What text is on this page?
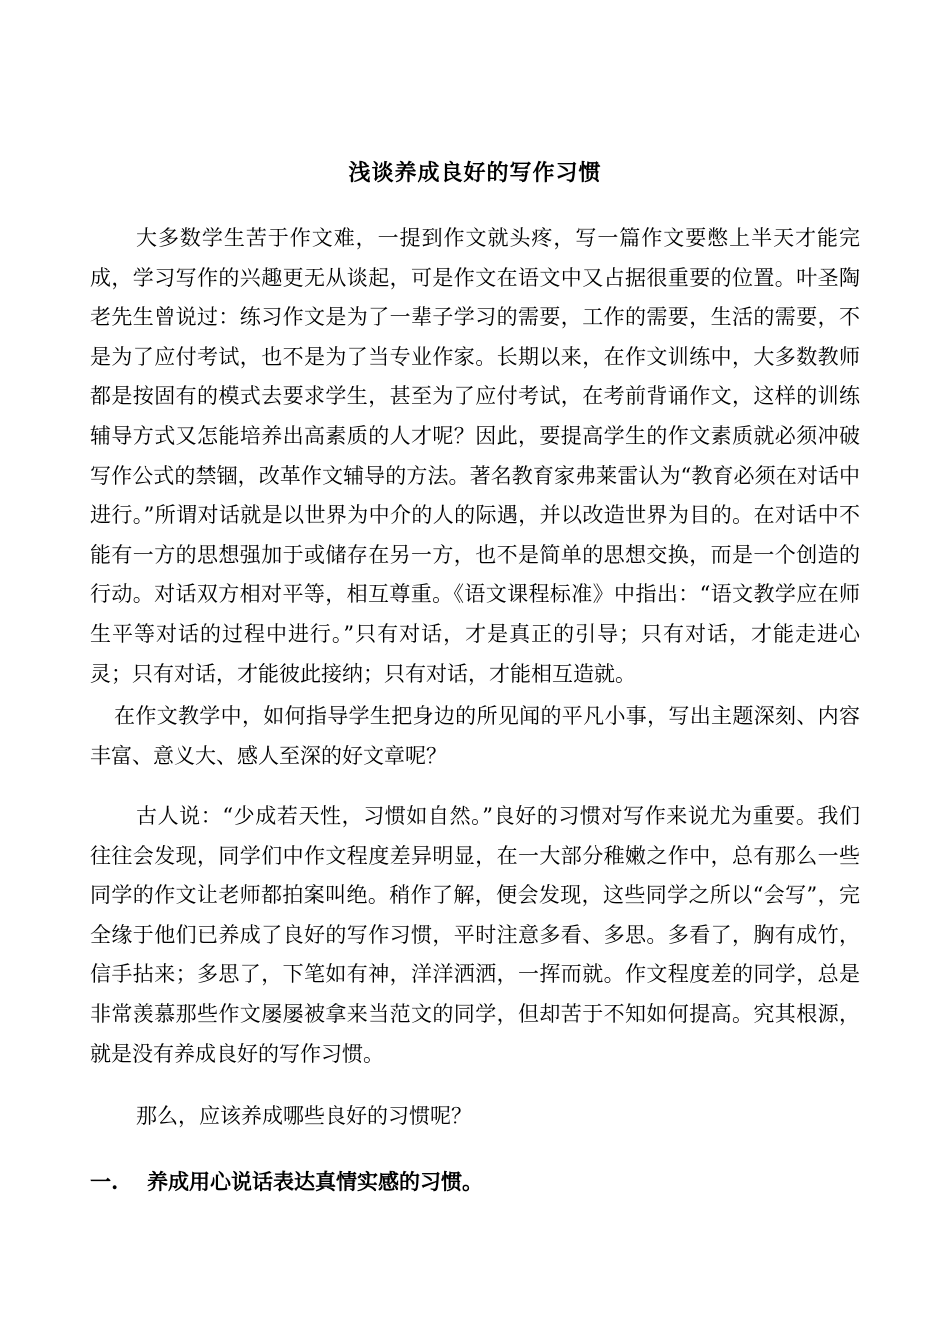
浅谈养成良好的写作习惯

大多数学生苦于作文难，一提到作文就头疼，写一篇作文要憋上半天才能完成，学习写作的兴趣更无从谈起，可是作文在语文中又占据很重要的位置。叶圣陶老先生曾说过：练习作文是为了一辈子学习的需要，工作的需要，生活的需要，不是为了应付考试，也不是为了当专业作家。长期以来，在作文训练中，大多数教师都是按固有的模式去要求学生，甚至为了应付考试，在考前背诵作文，这样的训练辅导方式又怎能培养出高素质的人才呢？因此，要提高学生的作文素质就必须冲破写作公式的禁锢，改革作文辅导的方法。著名教育家弗莱雷认为“教育必须在对话中进行。”所谓对话就是以世界为中介的人的际遇，并以改造世界为目的。在对话中不能有一方的思想强加于或储存在另一方，也不是简单的思想交换，而是一个创造的行动。对话双方相对平等，相互尊重。《语文课程标准》中指出：“语文教学应在师生平等对话的过程中进行。”只有对话，才是真正的引导；只有对话，才能走进心灵；只有对话，才能彼此接纳；只有对话，才能相互造就。

在作文教学中，如何指导学生把身边的所见闻的平凡小事，写出主题深刻、内容丰富、意义大、感人至深的好文章呢？

古人说：“少成若天性，习惯如自然。”良好的习惯对写作来说尤为重要。我们往往会发现，同学们中作文程度差异明显，在一大部分稚嫩之作中，总有那么一些同学的作文让老师都拍案叫绝。稍作了解，便会发现，这些同学之所以“会写”，完全缘于他们已养成了良好的写作习惯，平时注意多看、多思。多看了，胸有成竹，信手拈来；多思了，下笔如有神，洋洋洒洒，一挥而就。作文程度差的同学，总是非常羡慕那些作文屡屡被拿来当范文的同学，但却苦于不知如何提高。究其根源，就是没有养成良好的写作习惯。

那么，应该养成哪些良好的习惯呢？

一. 养成用心说话表达真情实感的习惯。
